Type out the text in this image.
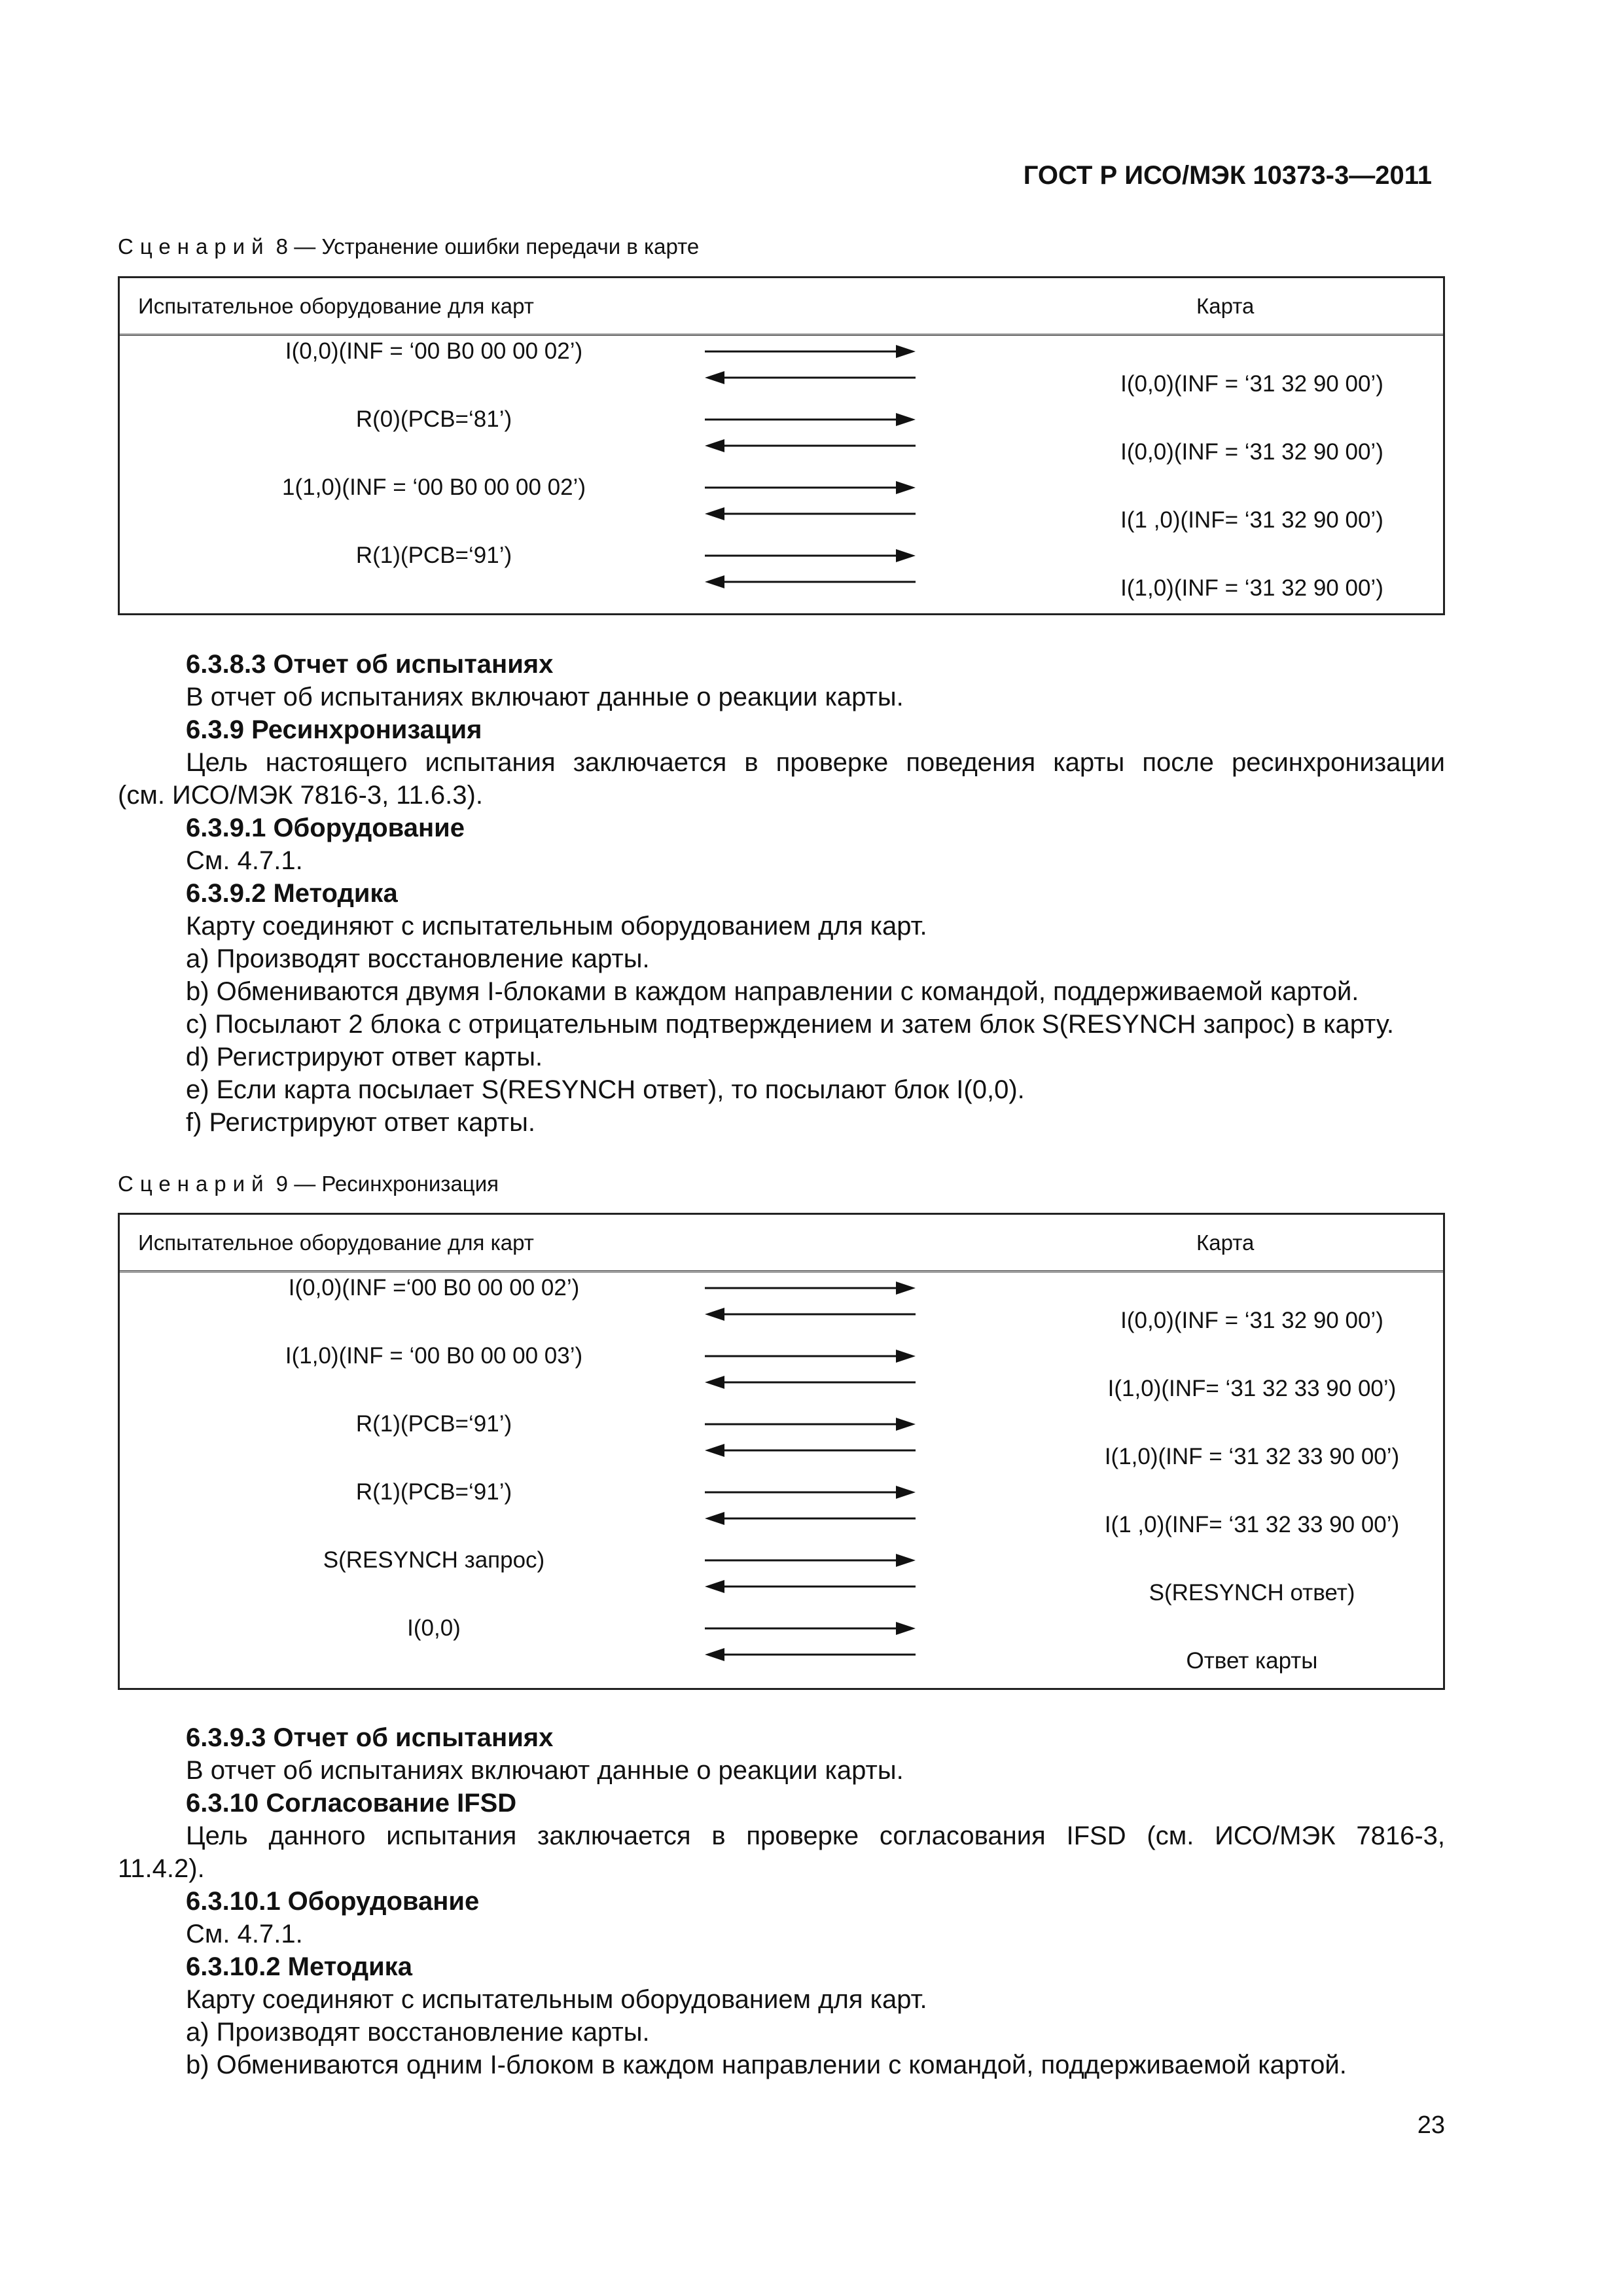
ГОСТ Р ИСО/МЭК 10373-3—2011
Сценарий 8 — Устранение ошибки передачи в карте
Испытательное оборудование для карт	Карта
I(0,0)(INF = ‘00 B0 00 00 02’)
I(0,0)(INF = ‘31 32 90 00’)
R(0)(PCB=‘81’)
I(0,0)(INF = ‘31 32 90 00’)
1(1,0)(INF = ‘00 B0 00 00 02’)
I(1 ,0)(INF= ‘31 32 90 00’)
R(1)(PCB=‘91’)
I(1,0)(INF = ‘31 32 90 00’)

6.3.8.3 Отчет об испытаниях

В отчет об испытаниях включают данные о реакции карты.

6.3.9 Ресинхронизация

Цель настоящего испытания заключается в проверке поведения карты после ресинхронизации

(см. ИСО/МЭК 7816-3, 11.6.3).

6.3.9.1 Оборудование

См. 4.7.1.

6.3.9.2 Методика

Карту соединяют с испытательным оборудованием для карт.

a) Производят восстановление карты.

b) Обмениваются двумя I-блоками в каждом направлении с командой, поддерживаемой картой.

c) Посылают 2 блока с отрицательным подтверждением и затем блок S(RESYNCH запрос) в карту.

d) Регистрируют ответ карты.

e) Если карта посылает S(RESYNCH ответ), то посылают блок I(0,0).

f) Регистрируют ответ карты.

Сценарий 9 — Ресинхронизация
Испытательное оборудование для карт	Карта
I(0,0)(INF =‘00 B0 00 00 02’)
I(0,0)(INF = ‘31 32 90 00’)
I(1,0)(INF = ‘00 B0 00 00 03’)
I(1,0)(INF= ‘31 32 33 90 00’)
R(1)(PCB=‘91’)
I(1,0)(INF = ‘31 32 33 90 00’)
R(1)(PCB=‘91’)
I(1 ,0)(INF= ‘31 32 33 90 00’)
S(RESYNCH запрос)
S(RESYNCH ответ)
I(0,0)
Ответ карты

6.3.9.3 Отчет об испытаниях

В отчет об испытаниях включают данные о реакции карты.

6.3.10 Согласование IFSD

Цель данного испытания заключается в проверке согласования IFSD (см. ИСО/МЭК 7816-3,

11.4.2).

6.3.10.1 Оборудование

См. 4.7.1.

6.3.10.2 Методика

Карту соединяют с испытательным оборудованием для карт.

a) Производят восстановление карты.

b) Обмениваются одним I-блоком в каждом направлении с командой, поддерживаемой картой.

23
